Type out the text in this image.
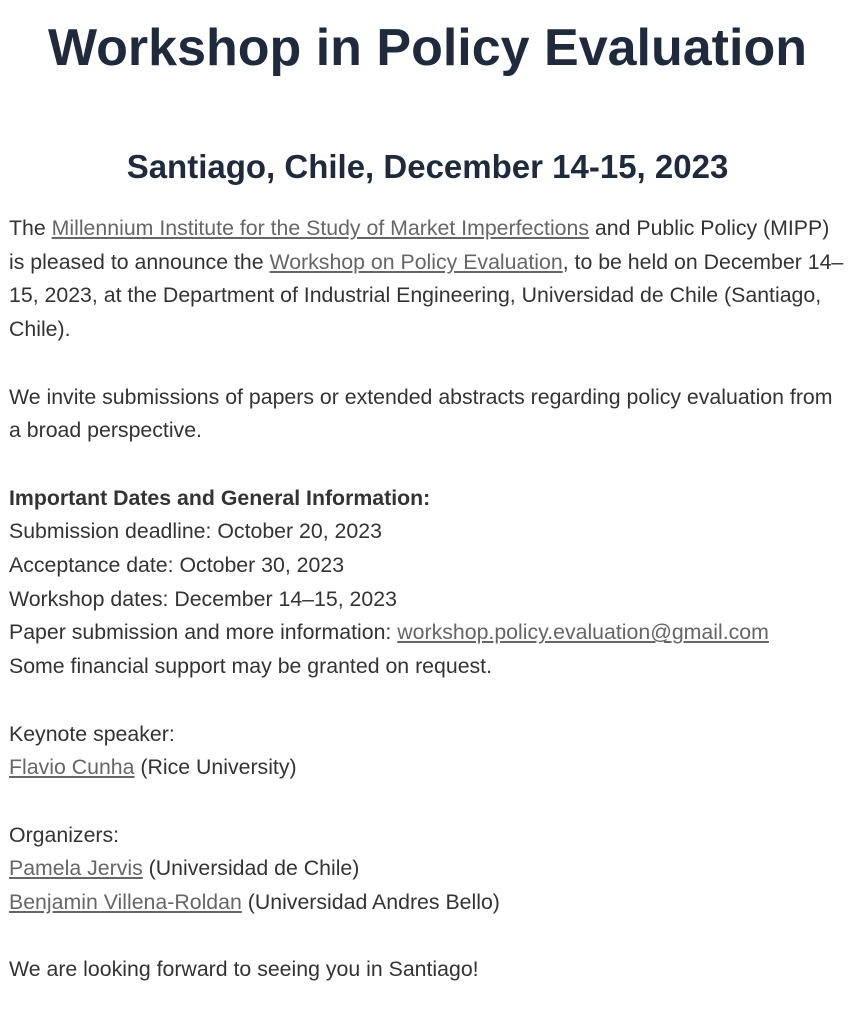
Workshop in Policy Evaluation
Santiago, Chile, December 14-15, 2023

The Millennium Institute for the Study of Market Imperfections and Public Policy (MIPP) is pleased to announce the Workshop on Policy Evaluation, to be held on December 14–15, 2023, at the Department of Industrial Engineering, Universidad de Chile (Santiago, Chile).

We invite submissions of papers or extended abstracts regarding policy evaluation from a broad perspective.

Important Dates and General Information:
Submission deadline: October 20, 2023
Acceptance date: October 30, 2023
Workshop dates: December 14–15, 2023
Paper submission and more information: workshop.policy.evaluation@gmail.com
Some financial support may be granted on request.

Keynote speaker:
Flavio Cunha (Rice University)

Organizers:
Pamela Jervis (Universidad de Chile)
Benjamin Villena-Roldan (Universidad Andres Bello)

We are looking forward to seeing you in Santiago!
